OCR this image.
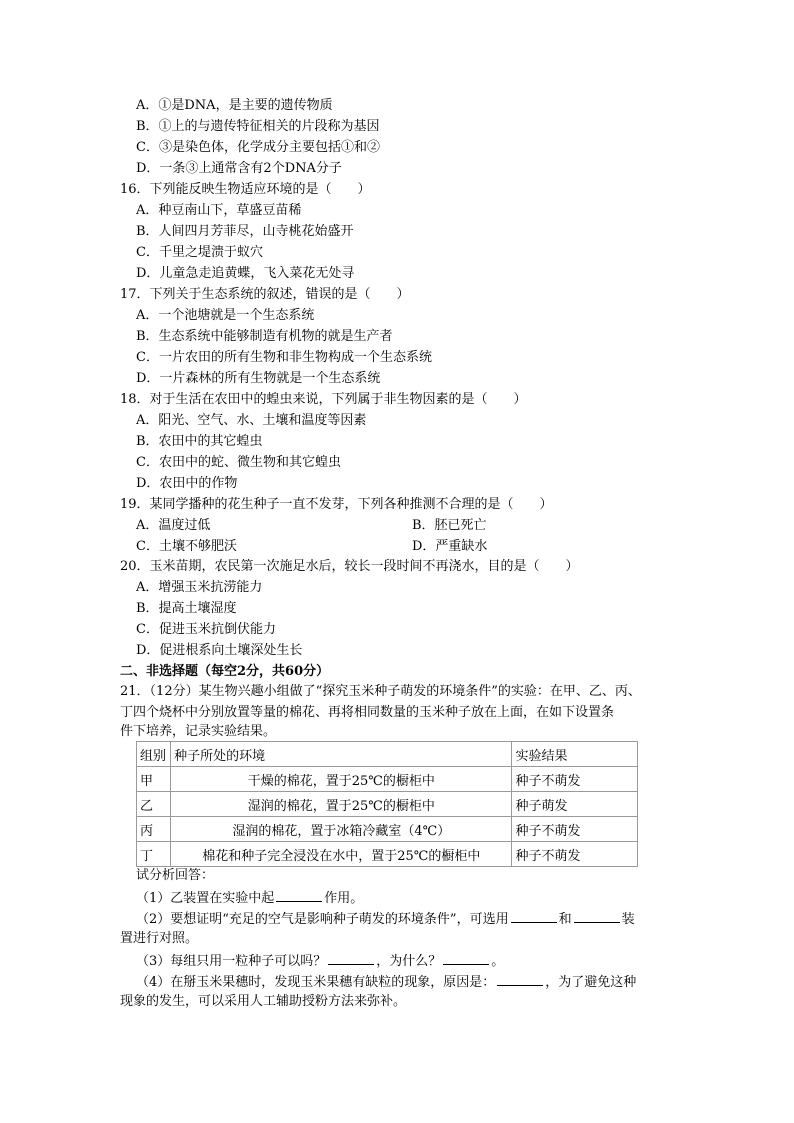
A．①是DNA，是主要的遗传物质
B．①上的与遗传特征相关的片段称为基因
C．③是染色体，化学成分主要包括①和②
D．一条③上通常含有2个DNA分子
16．下列能反映生物适应环境的是（　　）
A．种豆南山下，草盛豆苗稀
B．人间四月芳菲尽，山寺桃花始盛开
C．千里之堤溃于蚁穴
D．儿童急走追黄蝶，飞入菜花无处寻
17．下列关于生态系统的叙述，错误的是（　　）
A．一个池塘就是一个生态系统
B．生态系统中能够制造有机物的就是生产者
C．一片农田的所有生物和非生物构成一个生态系统
D．一片森林的所有生物就是一个生态系统
18．对于生活在农田中的蝗虫来说，下列属于非生物因素的是（　　）
A．阳光、空气、水、土壤和温度等因素
B．农田中的其它蝗虫
C．农田中的蛇、微生物和其它蝗虫
D．农田中的作物
19．某同学播种的花生种子一直不发芽，下列各种推测不合理的是（　　）
A．温度过低	B．胚已死亡
C．土壤不够肥沃	D．严重缺水
20．玉米苗期，农民第一次施足水后，较长一段时间不再浇水，目的是（　　）
A．增强玉米抗涝能力
B．提高土壤湿度
C．促进玉米抗倒伏能力
D．促进根系向土壤深处生长
二、非选择题（每空2分，共60分）
21．（12分）某生物兴趣小组做了“探究玉米种子萌发的环境条件”的实验：在甲、乙、丙、
丁四个烧杯中分别放置等量的棉花、再将相同数量的玉米种子放在上面，在如下设置条
件下培养，记录实验结果。
组别	种子所处的环境	实验结果
甲	干燥的棉花，置于25℃的橱柜中	种子不萌发
乙	湿润的棉花，置于25℃的橱柜中	种子萌发
丙	湿润的棉花，置于冰箱冷藏室（4℃）	种子不萌发
丁	棉花和种子完全浸没在水中，置于25℃的橱柜中	种子不萌发
试分析回答：
（1）乙装置在实验中起	作用。
（2）要想证明“充足的空气是影响种子萌发的环境条件”，可选用	和	装
置进行对照。
（3）每组只用一粒种子可以吗？	，为什么？	。
（4）在掰玉米果穗时，发现玉米果穗有缺粒的现象，原因是：	，为了避免这种
现象的发生，可以采用人工辅助授粉方法来弥补。
